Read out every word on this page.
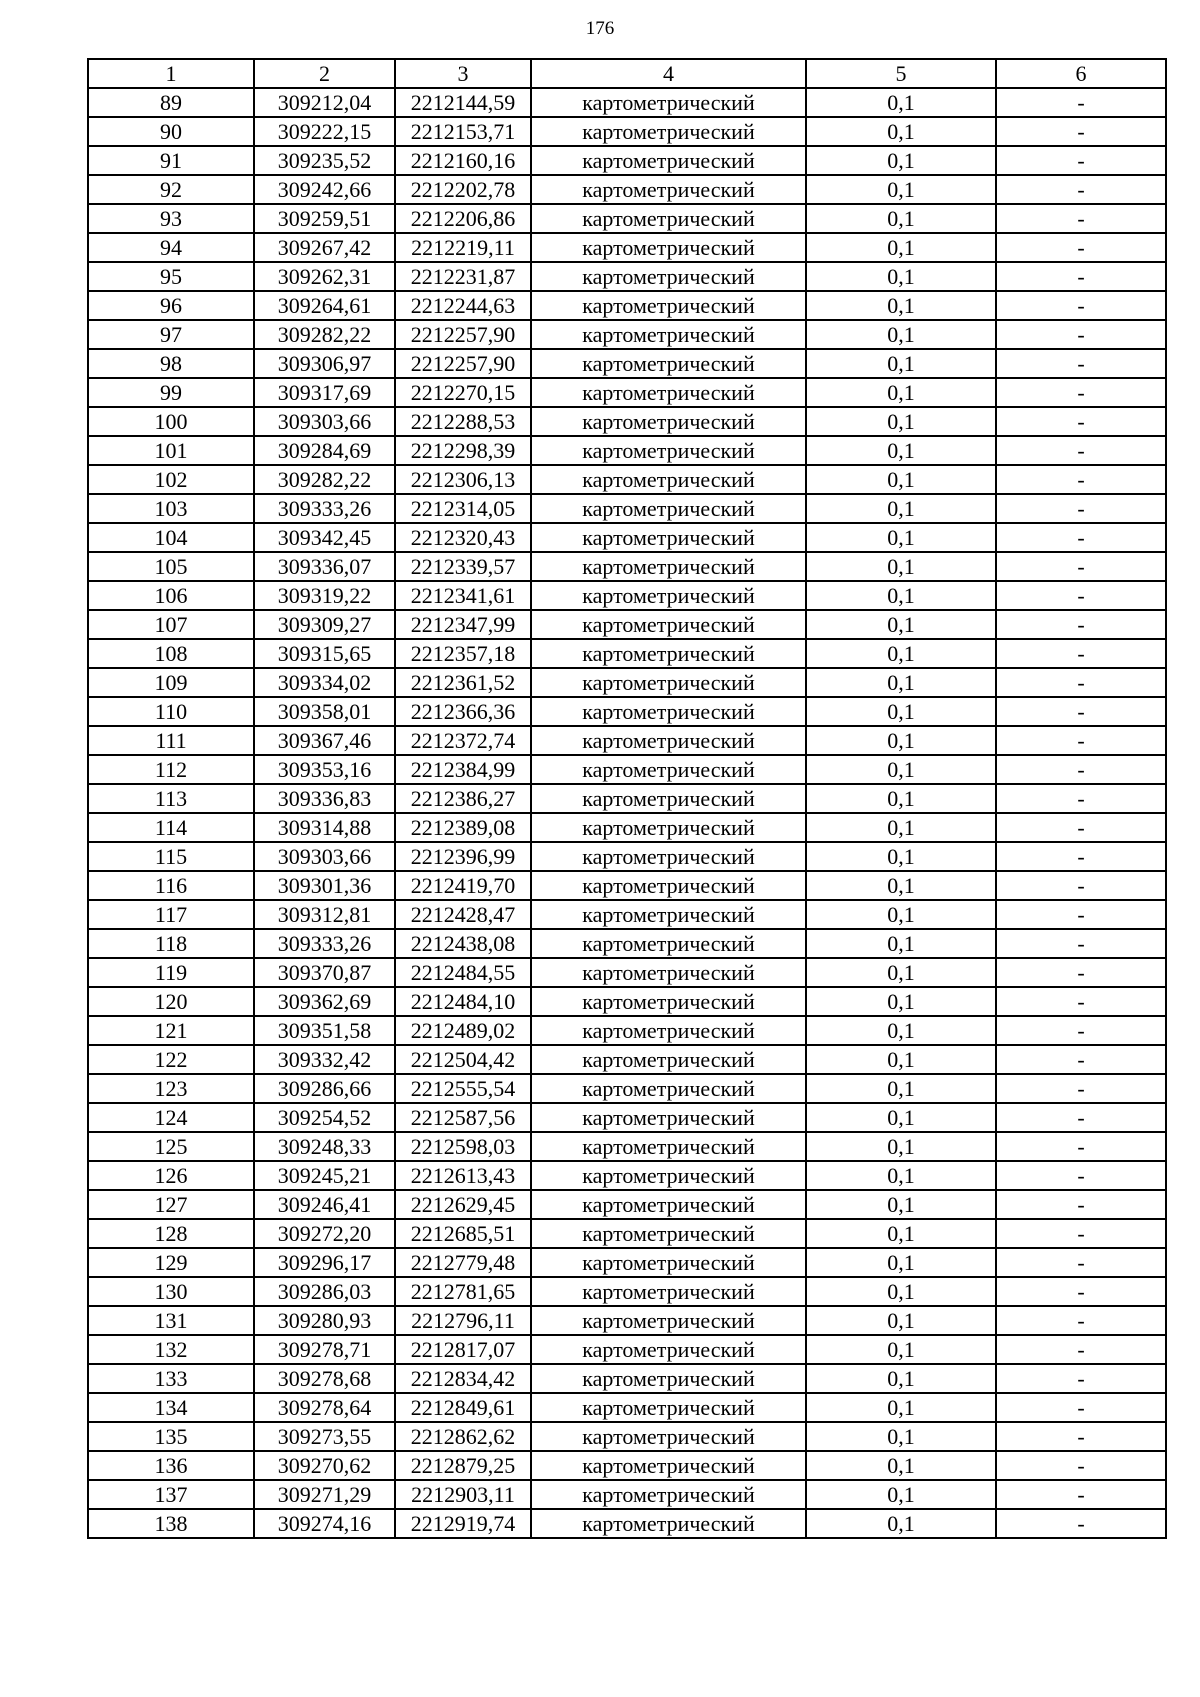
176
1	2	3	4	5	6
89	309212,04	2212144,59	картометрический	0,1	-
90	309222,15	2212153,71	картометрический	0,1	-
91	309235,52	2212160,16	картометрический	0,1	-
92	309242,66	2212202,78	картометрический	0,1	-
93	309259,51	2212206,86	картометрический	0,1	-
94	309267,42	2212219,11	картометрический	0,1	-
95	309262,31	2212231,87	картометрический	0,1	-
96	309264,61	2212244,63	картометрический	0,1	-
97	309282,22	2212257,90	картометрический	0,1	-
98	309306,97	2212257,90	картометрический	0,1	-
99	309317,69	2212270,15	картометрический	0,1	-
100	309303,66	2212288,53	картометрический	0,1	-
101	309284,69	2212298,39	картометрический	0,1	-
102	309282,22	2212306,13	картометрический	0,1	-
103	309333,26	2212314,05	картометрический	0,1	-
104	309342,45	2212320,43	картометрический	0,1	-
105	309336,07	2212339,57	картометрический	0,1	-
106	309319,22	2212341,61	картометрический	0,1	-
107	309309,27	2212347,99	картометрический	0,1	-
108	309315,65	2212357,18	картометрический	0,1	-
109	309334,02	2212361,52	картометрический	0,1	-
110	309358,01	2212366,36	картометрический	0,1	-
111	309367,46	2212372,74	картометрический	0,1	-
112	309353,16	2212384,99	картометрический	0,1	-
113	309336,83	2212386,27	картометрический	0,1	-
114	309314,88	2212389,08	картометрический	0,1	-
115	309303,66	2212396,99	картометрический	0,1	-
116	309301,36	2212419,70	картометрический	0,1	-
117	309312,81	2212428,47	картометрический	0,1	-
118	309333,26	2212438,08	картометрический	0,1	-
119	309370,87	2212484,55	картометрический	0,1	-
120	309362,69	2212484,10	картометрический	0,1	-
121	309351,58	2212489,02	картометрический	0,1	-
122	309332,42	2212504,42	картометрический	0,1	-
123	309286,66	2212555,54	картометрический	0,1	-
124	309254,52	2212587,56	картометрический	0,1	-
125	309248,33	2212598,03	картометрический	0,1	-
126	309245,21	2212613,43	картометрический	0,1	-
127	309246,41	2212629,45	картометрический	0,1	-
128	309272,20	2212685,51	картометрический	0,1	-
129	309296,17	2212779,48	картометрический	0,1	-
130	309286,03	2212781,65	картометрический	0,1	-
131	309280,93	2212796,11	картометрический	0,1	-
132	309278,71	2212817,07	картометрический	0,1	-
133	309278,68	2212834,42	картометрический	0,1	-
134	309278,64	2212849,61	картометрический	0,1	-
135	309273,55	2212862,62	картометрический	0,1	-
136	309270,62	2212879,25	картометрический	0,1	-
137	309271,29	2212903,11	картометрический	0,1	-
138	309274,16	2212919,74	картометрический	0,1	-
